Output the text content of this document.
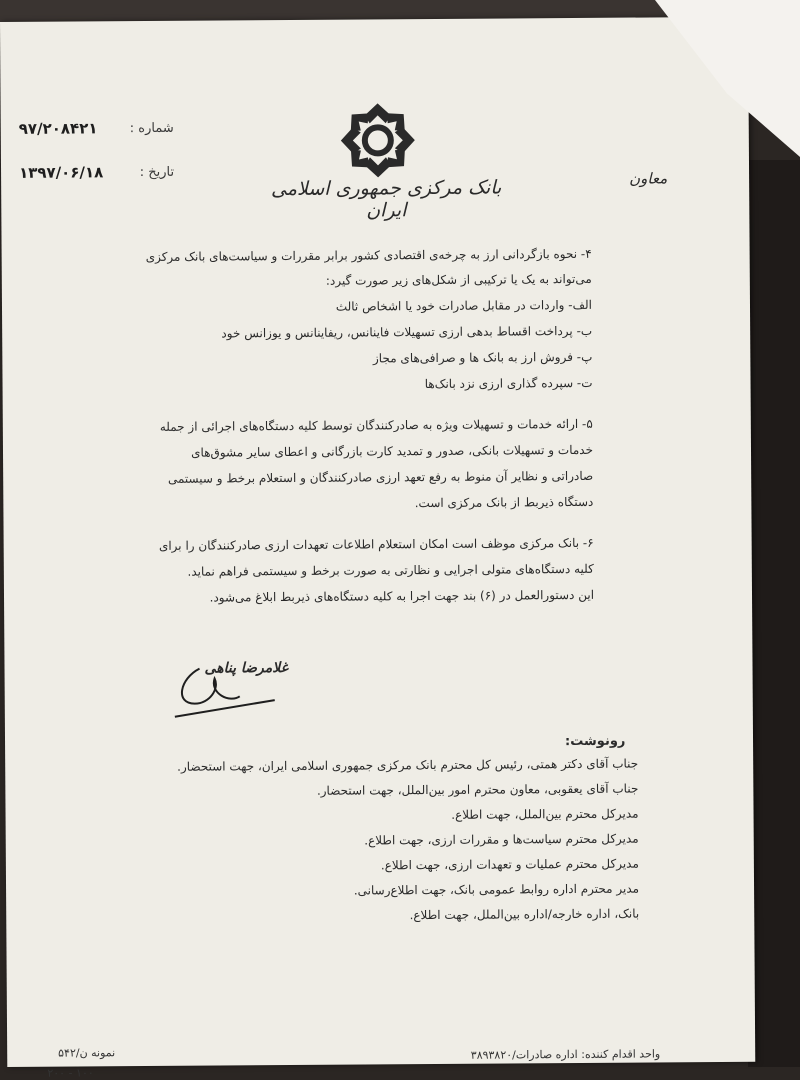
بانک مرکزی جمهوری اسلامی ایران
شماره :
۹۷/۲۰۸۴۲۱
تاریخ :
۱۳۹۷/۰۶/۱۸	معاون
۴- نحوه بازگردانی ارز به چرخه‌ی اقتصادی کشور برابر مقررات و سیاست‌های بانک مرکزی
می‌تواند به یک یا ترکیبی از شکل‌های زیر صورت گیرد:
الف- واردات در مقابل صادرات خود یا اشخاص ثالث
ب- پرداخت اقساط بدهی ارزی تسهیلات فاینانس، ریفاینانس و یوزانس خود
پ- فروش ارز به بانک ها و صرافی‌های مجاز
ت- سپرده گذاری ارزی نزد بانک‌ها
۵- ارائه خدمات و تسهیلات ویژه به صادرکنندگان توسط کلیه دستگاه‌های اجرائی از جمله
خدمات و تسهیلات بانکی، صدور و تمدید کارت بازرگانی و اعطای سایر مشوق‌های
صادراتی و نظایر آن منوط به رفع تعهد ارزی صادرکنندگان و استعلام برخط و سیستمی
دستگاه ذیربط از بانک مرکزی است.
۶- بانک مرکزی موظف است امکان استعلام اطلاعات تعهدات ارزی صادرکنندگان را برای
کلیه دستگاه‌های متولی اجرایی و نظارتی به صورت برخط و سیستمی فراهم نماید.
این دستورالعمل در (۶) بند جهت اجرا به کلیه دستگاه‌های ذیربط ابلاغ می‌شود.
غلامرضا پناهی
رونوشت:
جناب آقای دکتر همتی، رئیس کل محترم بانک مرکزی جمهوری اسلامی ایران، جهت استحضار.
جناب آقای یعقوبی، معاون محترم امور بین‌الملل، جهت استحضار.
مدیرکل محترم بین‌الملل، جهت اطلاع.
مدیرکل محترم سیاست‌ها و مقررات ارزی، جهت اطلاع.
مدیرکل محترم عملیات و تعهدات ارزی، جهت اطلاع.
مدیر محترم اداره روابط عمومی بانک، جهت اطلاع‌رسانی.
بانک، اداره خارجه/اداره بین‌الملل، جهت اطلاع.
واحد اقدام کننده: اداره صادرات/۳۸۹۳۸۲۰
نمونه ن/۵۴۲
۲۰۰ - ۱۰۰
